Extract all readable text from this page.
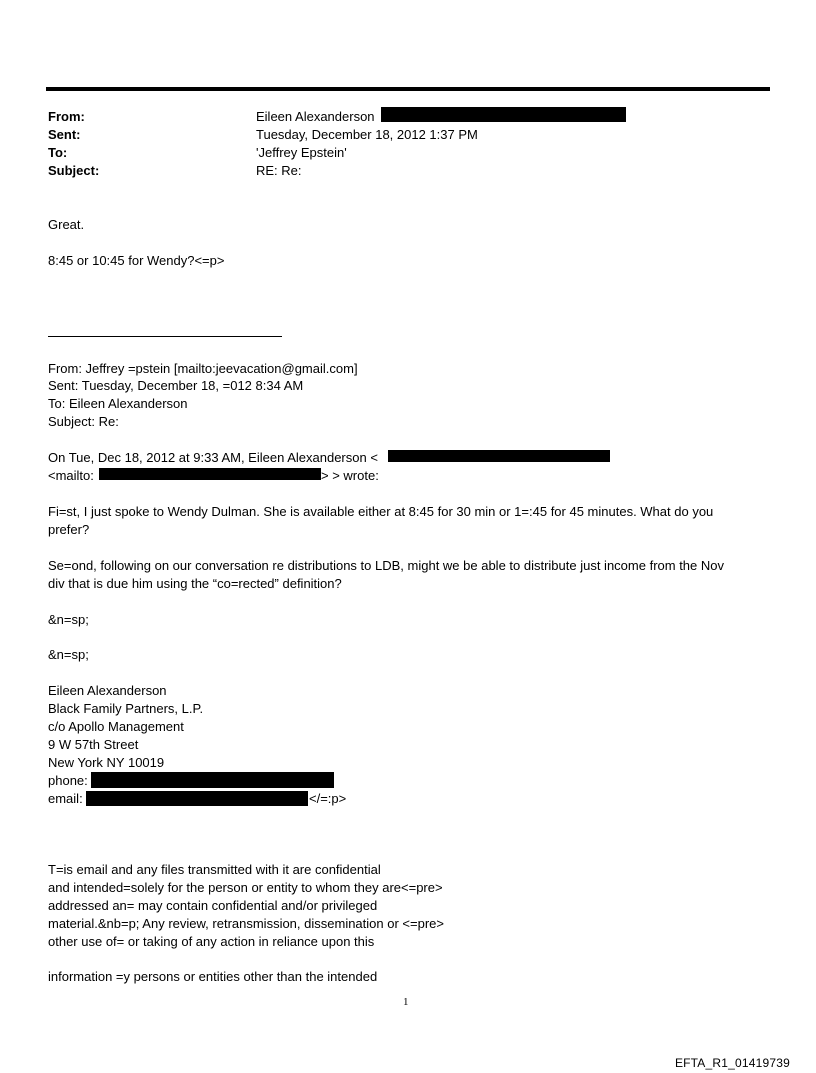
From:	Eileen Alexanderson
Sent:	Tuesday, December 18, 2012 1:37 PM
To:	'Jeffrey Epstein'
Subject:	RE: Re:
Great.
8:45 or 10:45 for Wendy?<=p>
From: Jeffrey =pstein [mailto:jeevacation@gmail.com]
Sent: Tuesday, December 18, =012 8:34 AM
To: Eileen Alexanderson
Subject: Re:
On Tue, Dec 18, 2012 at 9:33 AM, Eileen Alexanderson <
<mailto:	> > wrote:
Fi=st, I just spoke to Wendy Dulman. She is available either at 8:45 for 30 min or 1=:45 for 45 minutes. What do you
prefer?
Se=ond, following on our conversation re distributions to LDB, might we be able to distribute just income from the Nov
div that is due him using the “co=rected” definition?
&n=sp;
&n=sp;
Eileen Alexanderson
Black Family Partners, L.P.
c/o Apollo Management
9 W 57th Street
New York NY 10019
phone:
email:	</=:p>
T=is email and any files transmitted with it are confidential
and intended=solely for the person or entity to whom they are<=pre>
addressed an= may contain confidential and/or privileged
material.&nb=p; Any review, retransmission, dissemination or <=pre>
other use of= or taking of any action in reliance upon this
information =y persons or entities other than the intended
1
EFTA_R1_01419739
